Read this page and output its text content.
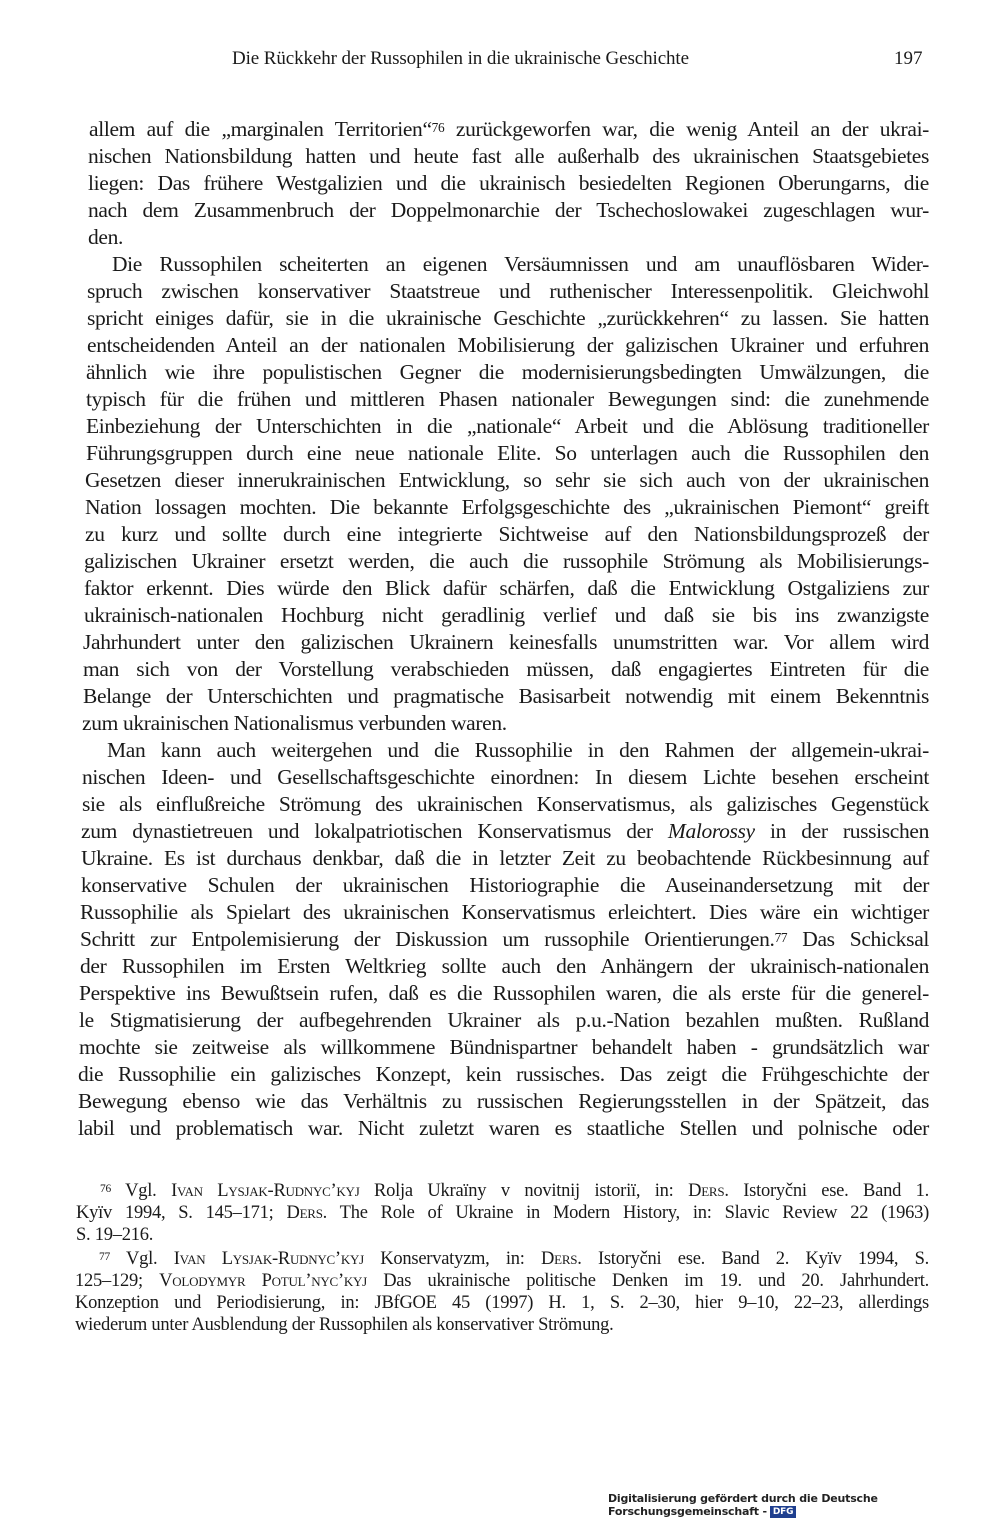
Die Rückkehr der Russophilen in die ukrainische Geschichte	197
allem auf die „marginalen Territorien“$^{76}$ zurückgeworfen war, die wenig Anteil an der ukrai-
nischen Nationsbildung hatten und heute fast alle außerhalb des ukrainischen Staatsgebietes
liegen: Das frühere Westgalizien und die ukrainisch besiedelten Regionen Oberungarns, die
nach dem Zusammenbruch der Doppelmonarchie der Tschechoslowakei zugeschlagen wur-
den.
Die Russophilen scheiterten an eigenen Versäumnissen und am unauflösbaren Wider-
spruch zwischen konservativer Staatstreue und ruthenischer Interessenpolitik. Gleichwohl
spricht einiges dafür, sie in die ukrainische Geschichte „zurückkehren“ zu lassen. Sie hatten
entscheidenden Anteil an der nationalen Mobilisierung der galizischen Ukrainer und erfuhren
ähnlich wie ihre populistischen Gegner die modernisierungsbedingten Umwälzungen, die
typisch für die frühen und mittleren Phasen nationaler Bewegungen sind: die zunehmende
Einbeziehung der Unterschichten in die „nationale“ Arbeit und die Ablösung traditioneller
Führungsgruppen durch eine neue nationale Elite. So unterlagen auch die Russophilen den
Gesetzen dieser innerukrainischen Entwicklung, so sehr sie sich auch von der ukrainischen
Nation lossagen mochten. Die bekannte Erfolgsgeschichte des „ukrainischen Piemont“ greift
zu kurz und sollte durch eine integrierte Sichtweise auf den Nationsbildungsprozeß der
galizischen Ukrainer ersetzt werden, die auch die russophile Strömung als Mobilisierungs-
faktor erkennt. Dies würde den Blick dafür schärfen, daß die Entwicklung Ostgaliziens zur
ukrainisch-nationalen Hochburg nicht geradlinig verlief und daß sie bis ins zwanzigste
Jahrhundert unter den galizischen Ukrainern keinesfalls unumstritten war. Vor allem wird
man sich von der Vorstellung verabschieden müssen, daß engagiertes Eintreten für die
Belange der Unterschichten und pragmatische Basisarbeit notwendig mit einem Bekenntnis
zum ukrainischen Nationalismus verbunden waren.
Man kann auch weitergehen und die Russophilie in den Rahmen der allgemein-ukrai-
nischen Ideen- und Gesellschaftsgeschichte einordnen: In diesem Lichte besehen erscheint
sie als einflußreiche Strömung des ukrainischen Konservatismus, als galizisches Gegenstück
zum dynastietreuen und lokalpatriotischen Konservatismus der Malorossy in der russischen
Ukraine. Es ist durchaus denkbar, daß die in letzter Zeit zu beobachtende Rückbesinnung auf
konservative Schulen der ukrainischen Historiographie die Auseinandersetzung mit der
Russophilie als Spielart des ukrainischen Konservatismus erleichtert. Dies wäre ein wichtiger
Schritt zur Entpolemisierung der Diskussion um russophile Orientierungen.$^{77}$ Das Schicksal
der Russophilen im Ersten Weltkrieg sollte auch den Anhängern der ukrainisch-nationalen
Perspektive ins Bewußtsein rufen, daß es die Russophilen waren, die als erste für die generel-
le Stigmatisierung der aufbegehrenden Ukrainer als p.u.-Nation bezahlen mußten. Rußland
mochte sie zeitweise als willkommene Bündnispartner behandelt haben - grundsätzlich war
die Russophilie ein galizisches Konzept, kein russisches. Das zeigt die Frühgeschichte der
Bewegung ebenso wie das Verhältnis zu russischen Regierungsstellen in der Spätzeit, das
labil und problematisch war. Nicht zuletzt waren es staatliche Stellen und polnische oder
$^{76}$ Vgl. Ivan Lysjak-Rudnyc’kyj Rolja Ukraïny v novitnij istoriï, in: Ders. Istoryčni ese. Band 1.
Kyïv 1994, S. 145–171; Ders. The Role of Ukraine in Modern History, in: Slavic Review 22 (1963)
S. 19–216.
$^{77}$ Vgl. Ivan Lysjak-Rudnyc’kyj Konservatyzm, in: Ders. Istoryčni ese. Band 2. Kyïv 1994, S.
125–129; Volodymyr Potul’nyc’kyj Das ukrainische politische Denken im 19. und 20. Jahrhundert.
Konzeption und Periodisierung, in: JBfGOE 45 (1997) H. 1, S. 2–30, hier 9–10, 22–23, allerdings
wiederum unter Ausblendung der Russophilen als konservativer Strömung.
Digitalisierung gefördert durch die Deutsche Forschungsgemeinschaft - DFG
